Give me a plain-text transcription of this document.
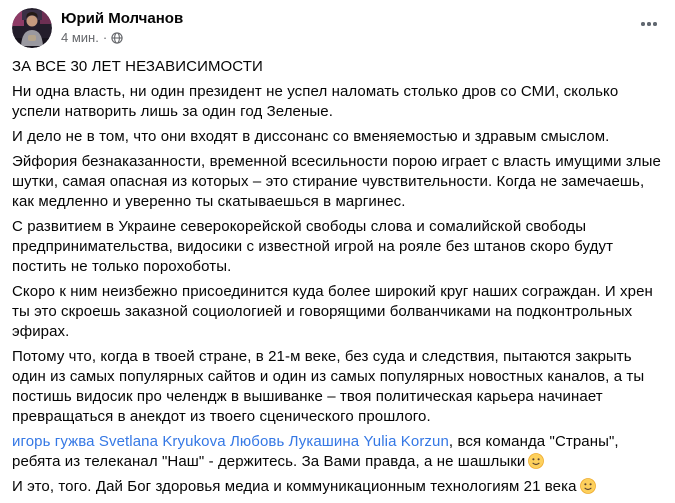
Юрий Молчанов
4 мин. ·

ЗА ВСЕ 30 ЛЕТ НЕЗАВИСИМОСТИ

Ни одна власть, ни один президент не успел наломать столько дров со СМИ, сколько успели натворить лишь за один год Зеленые.

И дело не в том, что они входят в диссонанс со вменяемостью и здравым смыслом.

Эйфория безнаказанности, временной всесильности порою играет с власть имущими злые шутки, самая опасная из которых – это стирание чувствительности. Когда не замечаешь, как медленно и уверенно ты скатываешься в маргинес.

С развитием в Украине северокорейской свободы слова и сомалийской свободы предпринимательства, видосики с известной игрой на рояле без штанов скоро будут постить не только порохоботы.

Скоро к ним неизбежно присоединится куда более широкий круг наших сограждан. И хрен ты это скроешь заказной социологией и говорящими болванчиками на подконтрольных эфирах.

Потому что, когда в твоей стране, в 21-м веке, без суда и следствия, пытаются закрыть один из самых популярных сайтов и один из самых популярных новостных каналов, а ты постишь видосик про челендж в вышиванке – твоя политическая карьера начинает превращаться в анекдот из твоего сценического прошлого.

игорь гужва Svetlana Kryukova Любовь Лукашина Yulia Korzun, вся команда "Страны", ребята из телеканал "Наш" - держитесь. За Вами правда, а не шашлыки

И это, того. Дай Бог здоровья медиа и коммуникационным технологиям 21 века
